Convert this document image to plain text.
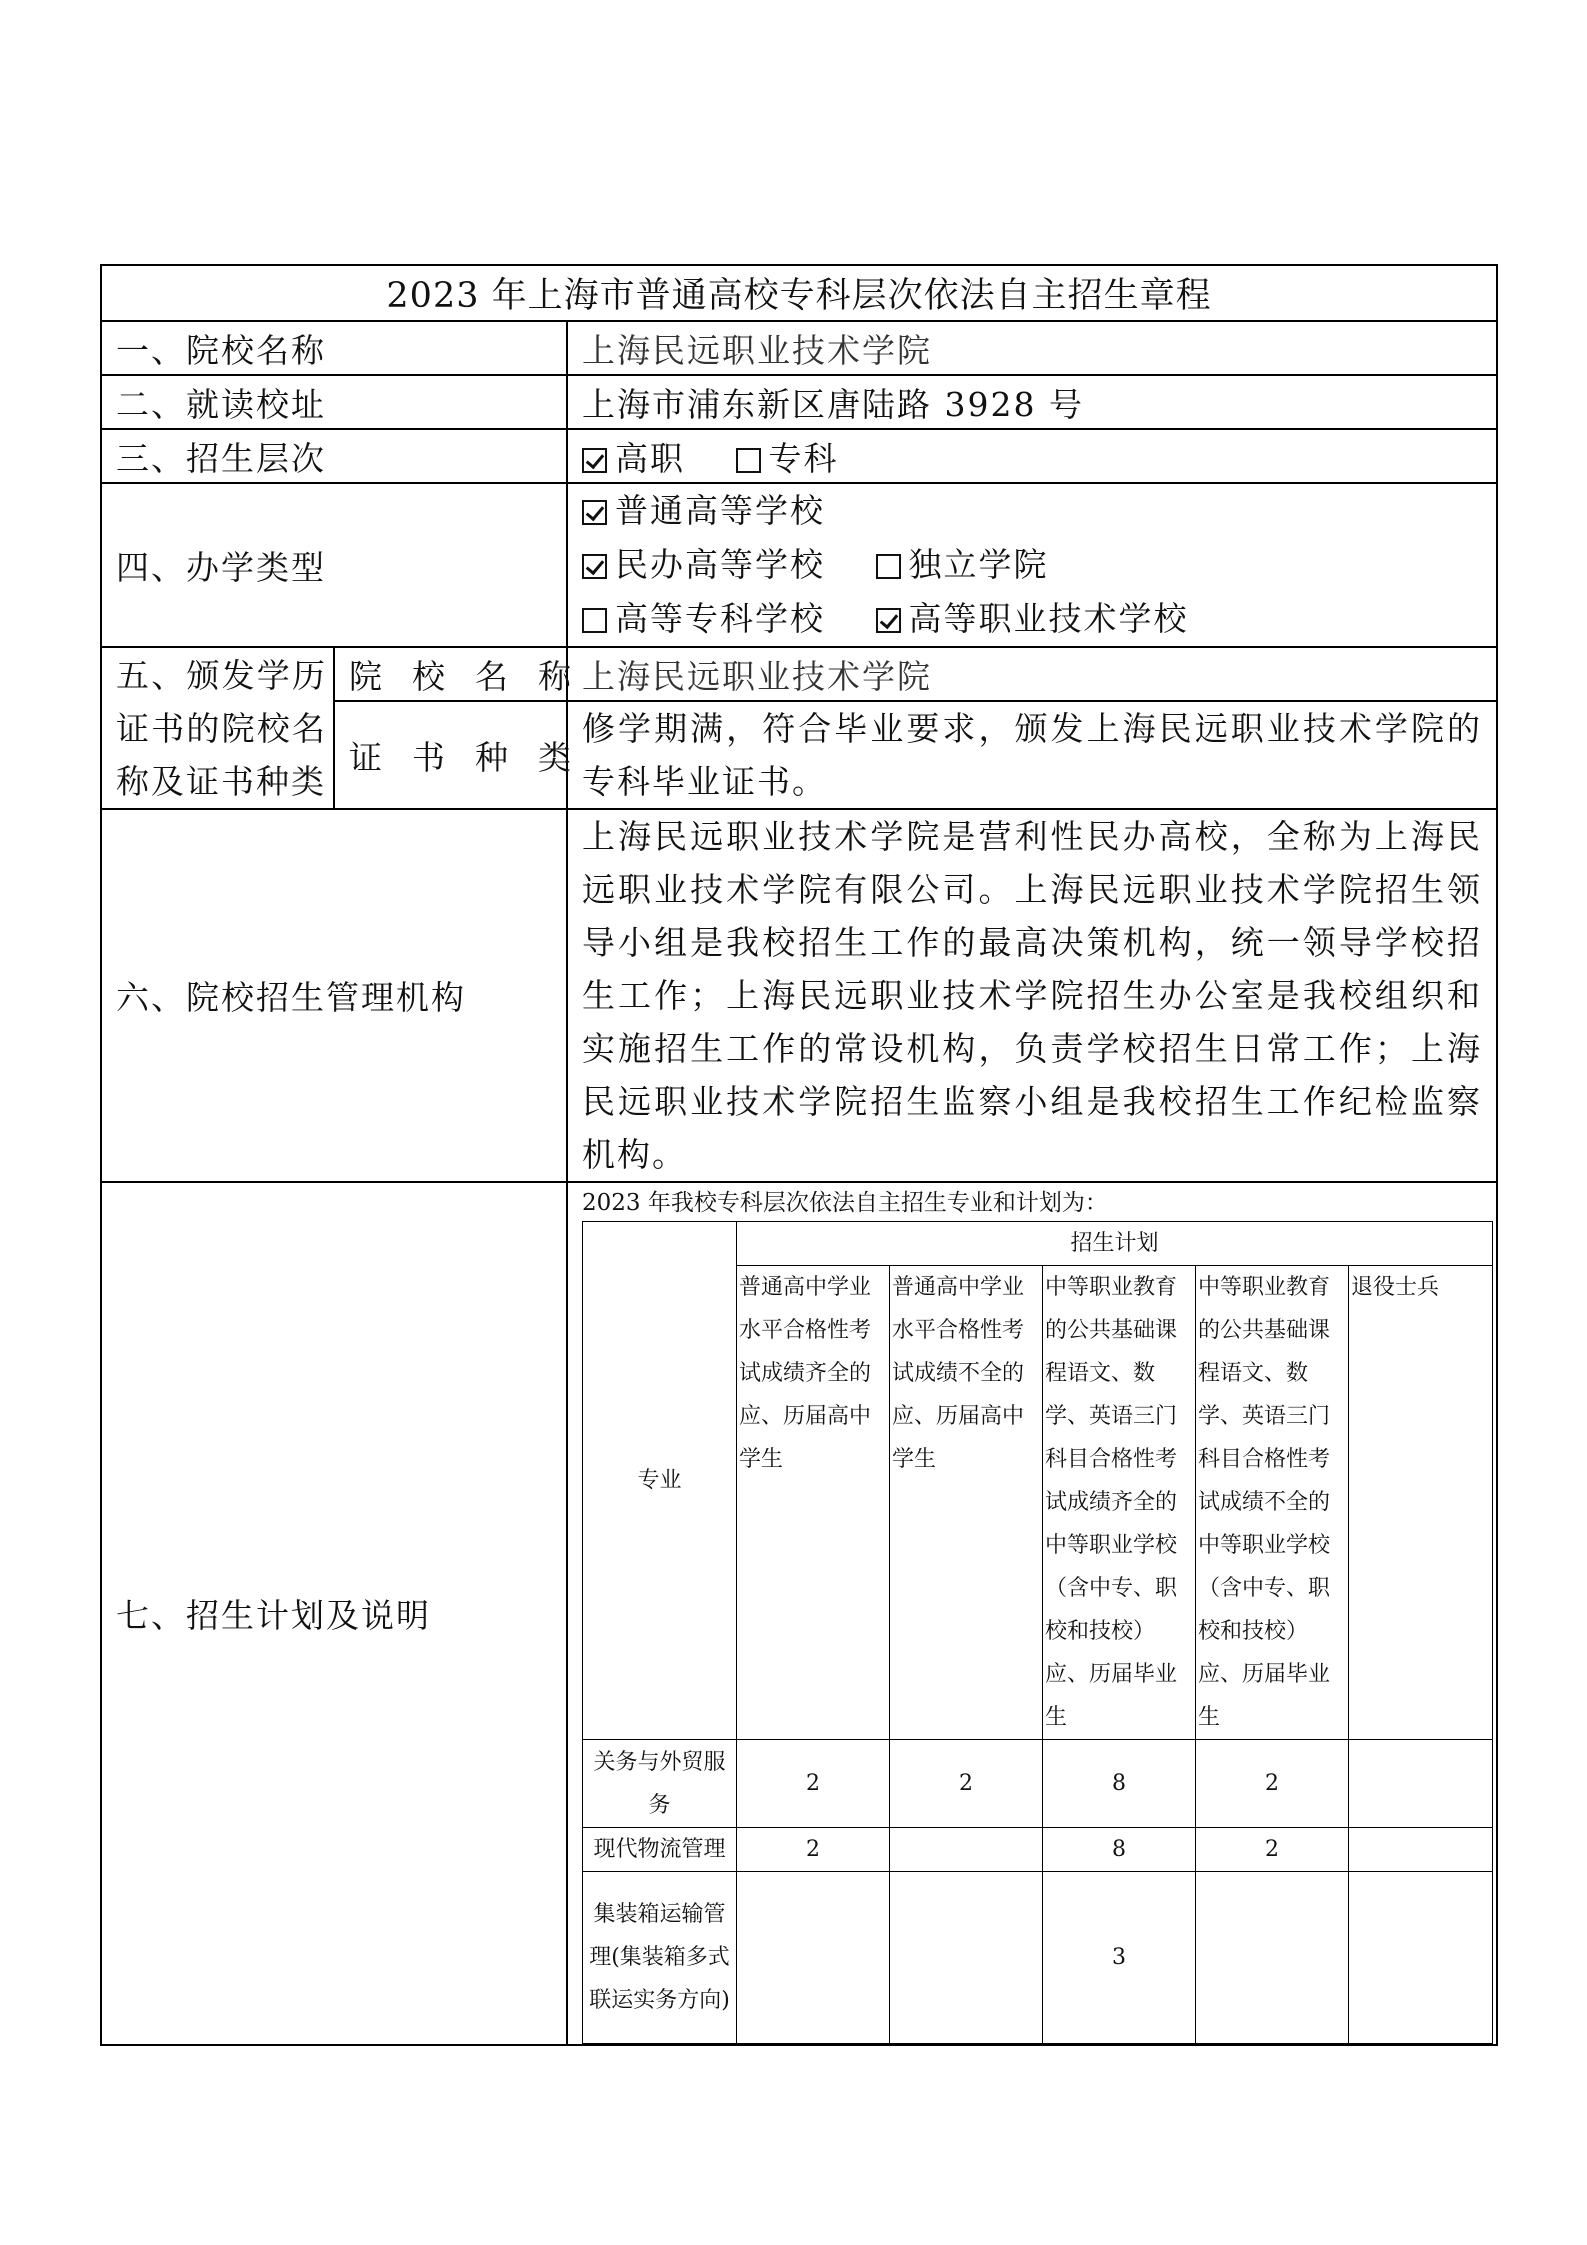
2023 年上海市普通高校专科层次依法自主招生章程
一、院校名称	上海民远职业技术学院
二、就读校址	上海市浦东新区唐陆路 3928 号
三、招生层次	高职	专科
四、办学类型	
普通高等学校
民办高等学校	独立学院
高等专科学校	高等职业技术学校

五、颁发学历证书的院校名称及证书种类	院校名称	上海民远职业技术学院
证书种类	修学期满，符合毕业要求，颁发上海民远职业技术学院的专科毕业证书。
六、院校招生管理机构	上海民远职业技术学院是营利性民办高校，全称为上海民远职业技术学院有限公司。上海民远职业技术学院招生领导小组是我校招生工作的最高决策机构，统一领导学校招生工作；上海民远职业技术学院招生办公室是我校组织和实施招生工作的常设机构，负责学校招生日常工作；上海民远职业技术学院招生监察小组是我校招生工作纪检监察机构。
七、招生计划及说明	
2023 年我校专科层次依法自主招生专业和计划为：
专业	招生计划
普通高中学业水平合格性考试成绩齐全的应、历届高中学生	普通高中学业水平合格性考试成绩不全的应、历届高中学生	中等职业教育的公共基础课程语文、数学、英语三门科目合格性考试成绩齐全的中等职业学校（含中专、职校和技校）应、历届毕业生	中等职业教育的公共基础课程语文、数学、英语三门科目合格性考试成绩不全的中等职业学校（含中专、职校和技校）应、历届毕业生	退役士兵
关务与外贸服务	2	2	8	2	
现代物流管理	2		8	2	
集装箱运输管理(集装箱多式联运实务方向)			3		
